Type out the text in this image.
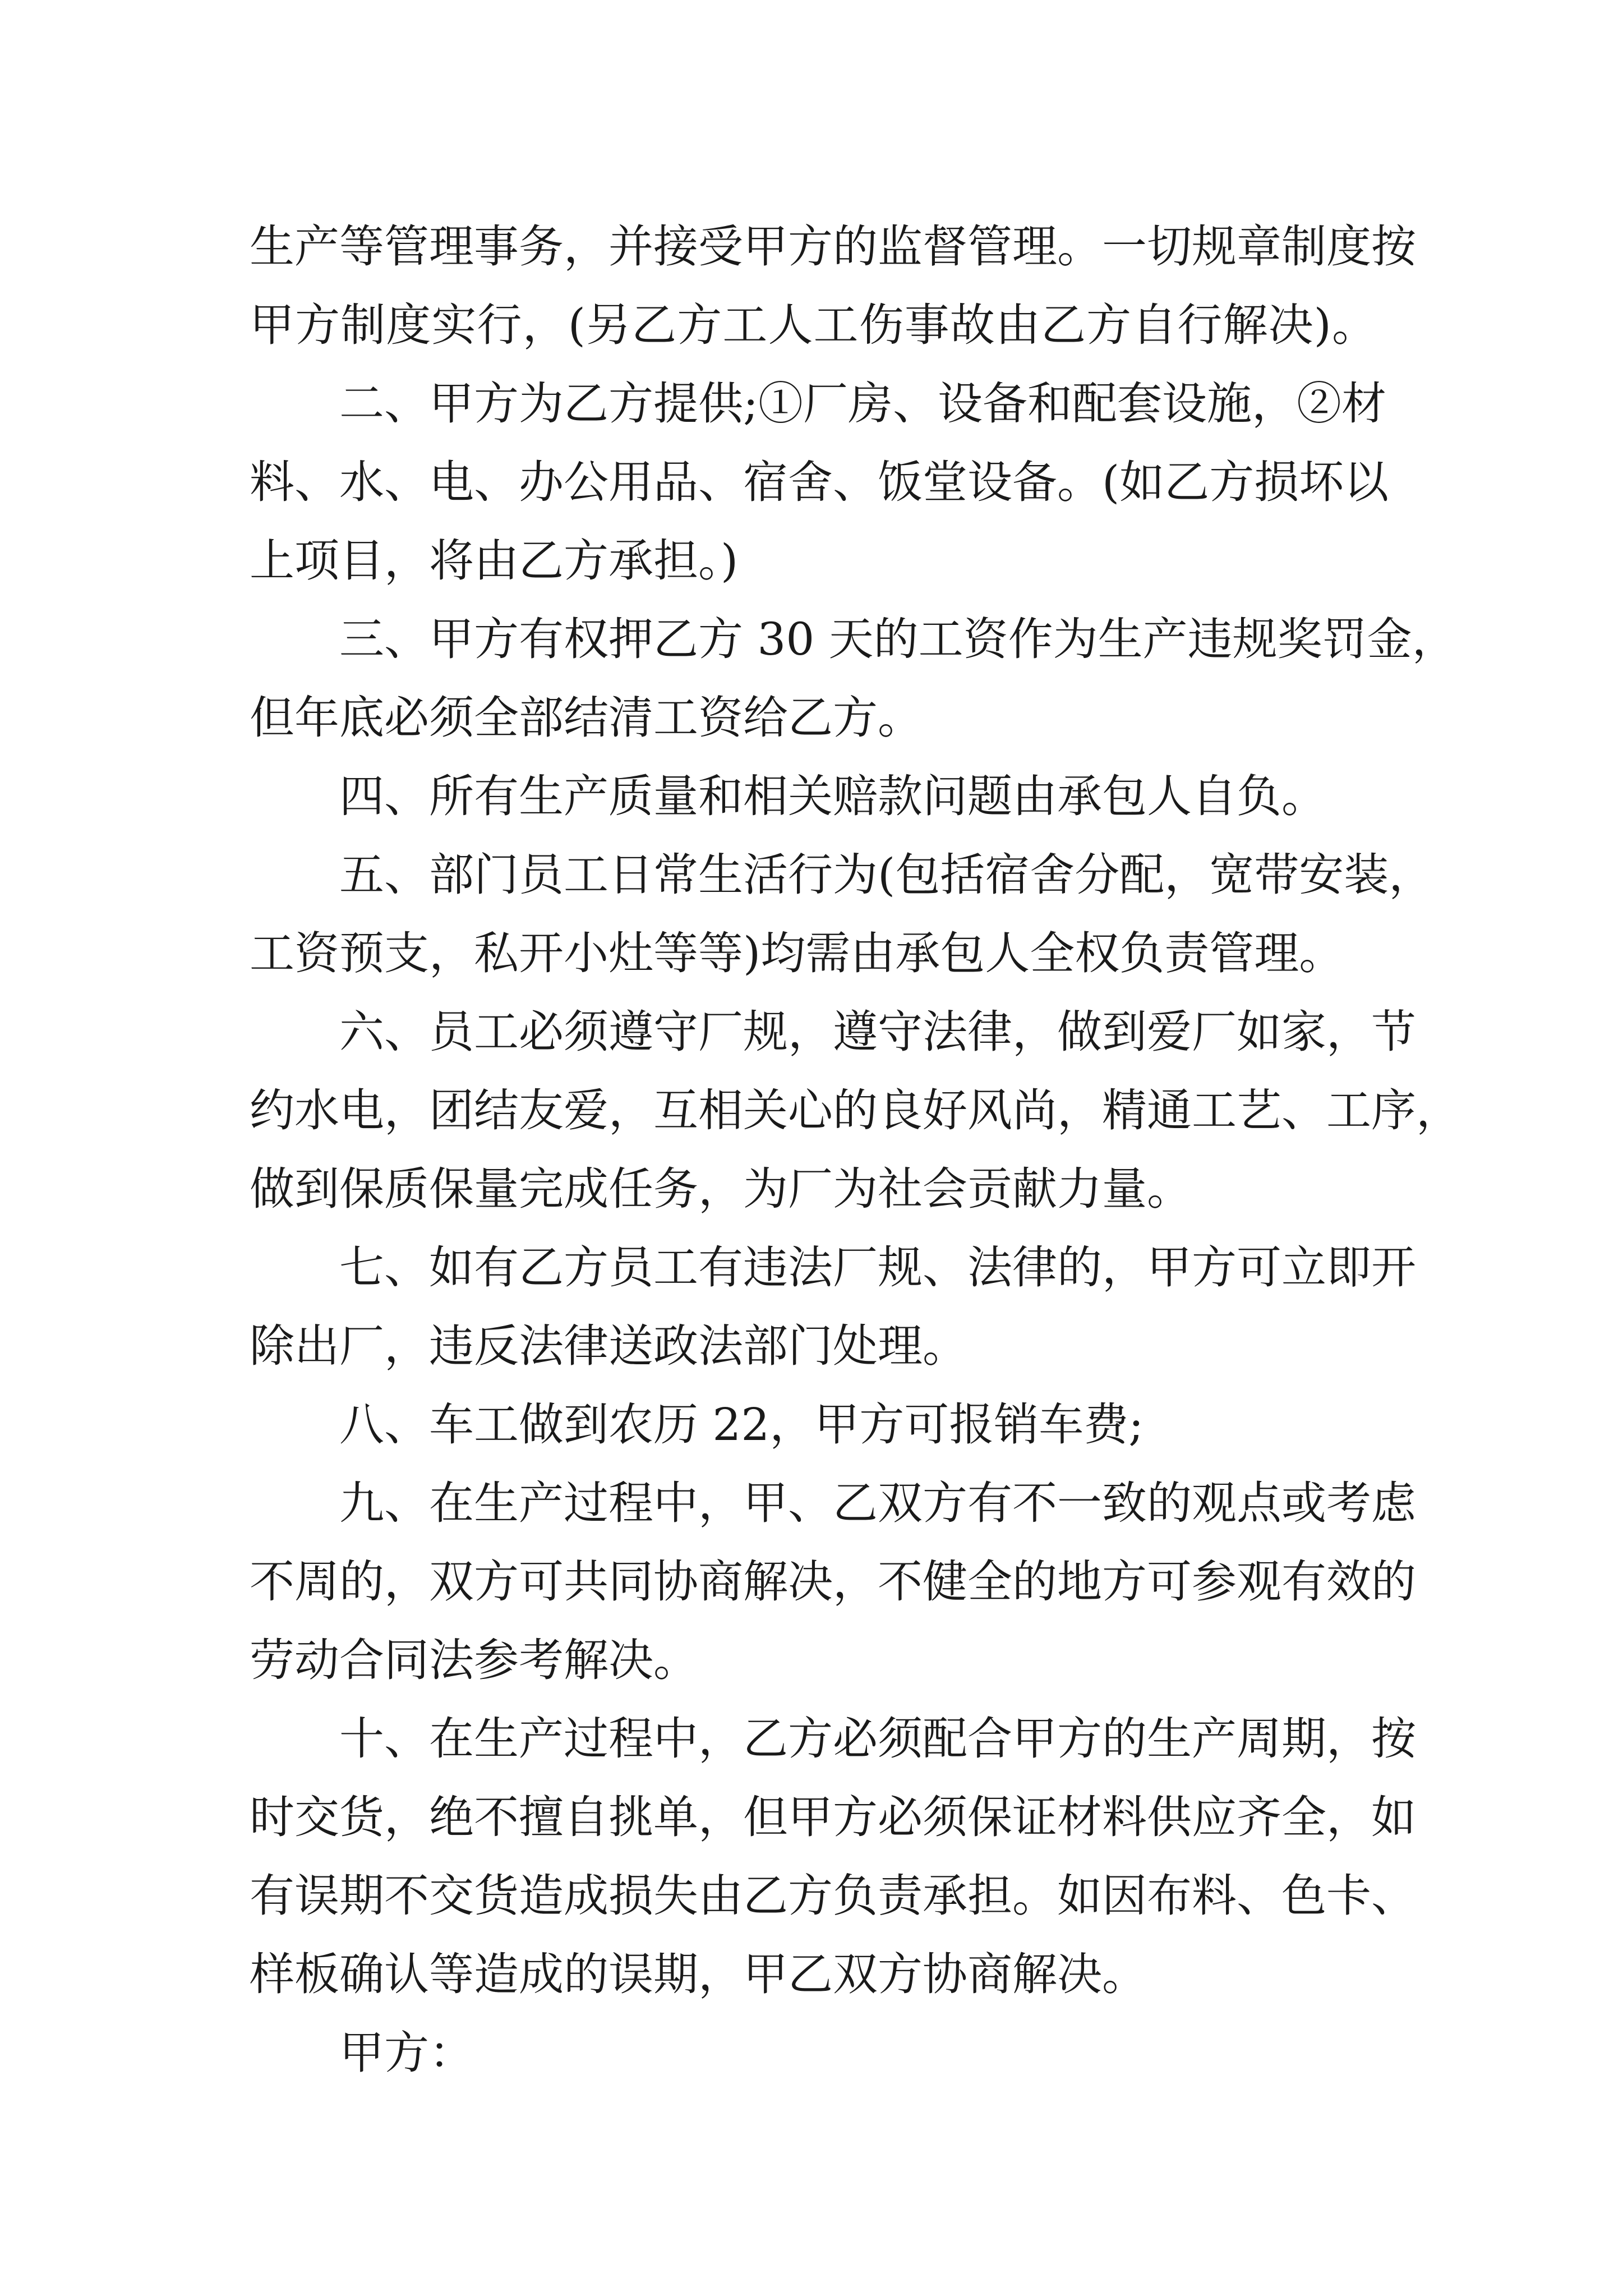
生产等管理事务，并接受甲方的监督管理。一切规章制度按
甲方制度实行，(另乙方工人工伤事故由乙方自行解决)。
二、甲方为乙方提供;①厂房、设备和配套设施，②材
料、水、电、办公用品、宿舍、饭堂设备。(如乙方损坏以
上项目，将由乙方承担。)
三、甲方有权押乙方 30 天的工资作为生产违规奖罚金，
但年底必须全部结清工资给乙方。
四、所有生产质量和相关赔款问题由承包人自负。
五、部门员工日常生活行为(包括宿舍分配，宽带安装，
工资预支，私开小灶等等)均需由承包人全权负责管理。
六、员工必须遵守厂规，遵守法律，做到爱厂如家，节
约水电，团结友爱，互相关心的良好风尚，精通工艺、工序，
做到保质保量完成任务，为厂为社会贡献力量。
七、如有乙方员工有违法厂规、法律的，甲方可立即开
除出厂，违反法律送政法部门处理。
八、车工做到农历 22，甲方可报销车费;
九、在生产过程中，甲、乙双方有不一致的观点或考虑
不周的，双方可共同协商解决，不健全的地方可参观有效的
劳动合同法参考解决。
十、在生产过程中，乙方必须配合甲方的生产周期，按
时交货，绝不擅自挑单，但甲方必须保证材料供应齐全，如
有误期不交货造成损失由乙方负责承担。如因布料、色卡、
样板确认等造成的误期，甲乙双方协商解决。
甲方：
